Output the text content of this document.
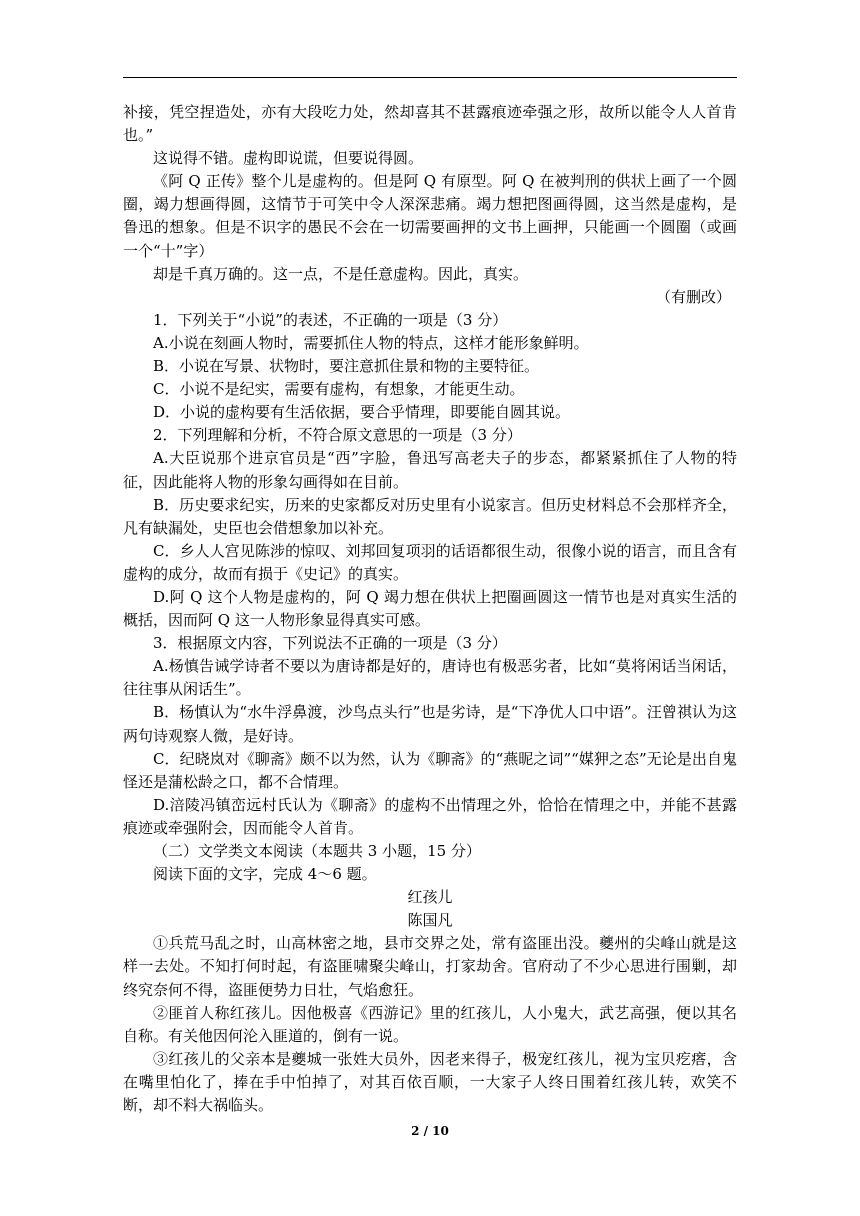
补接，凭空捏造处，亦有大段吃力处，然却喜其不甚露痕迹牵强之形，故所以能令人人首肯也。”

这说得不错。虚构即说谎，但要说得圆。

《阿 Q 正传》整个儿是虚构的。但是阿 Q 有原型。阿 Q 在被判刑的供状上画了一个圆圈，竭力想画得圆，这情节于可笑中令人深深悲痛。竭力想把图画得圆，这当然是虚构，是鲁迅的想象。但是不识字的愚民不会在一切需要画押的文书上画押，只能画一个圆圈（或画一个“十”字）

却是千真万确的。这一点，不是任意虚构。因此，真实。

（有删改）

1．下列关于“小说”的表述，不正确的一项是（3 分）

A.小说在刻画人物时，需要抓住人物的特点，这样才能形象鲜明。

B．小说在写景、状物时，要注意抓住景和物的主要特征。

C．小说不是纪实，需要有虚构，有想象，才能更生动。

D．小说的虚构要有生活依据，要合乎情理，即要能自圆其说。

2．下列理解和分析，不符合原文意思的一项是（3 分）

A.大臣说那个进京官员是“西”字脸，鲁迅写高老夫子的步态，都紧紧抓住了人物的特征，因此能将人物的形象勾画得如在目前。

B．历史要求纪实，历来的史家都反对历史里有小说家言。但历史材料总不会那样齐全，凡有缺漏处，史臣也会借想象加以补充。

C．乡人人宫见陈涉的惊叹、刘邦回复项羽的话语都很生动，很像小说的语言，而且含有虚构的成分，故而有损于《史记》的真实。

D.阿 Q 这个人物是虚构的，阿 Q 竭力想在供状上把圈画圆这一情节也是对真实生活的概括，因而阿 Q 这一人物形象显得真实可感。

3．根据原文内容，下列说法不正确的一项是（3 分）

A.杨慎告诫学诗者不要以为唐诗都是好的，唐诗也有极恶劣者，比如“莫将闲话当闲话，往往事从闲话生”。

B．杨慎认为“水牛浮鼻渡，沙鸟点头行”也是劣诗，是“下净优人口中语”。汪曾祺认为这两句诗观察人微，是好诗。

C．纪晓岚对《聊斋》颇不以为然，认为《聊斋》的“燕昵之词”“媒狎之态”无论是出自鬼怪还是蒲松龄之口，都不合情理。

D.涪陵冯镇峦远村氏认为《聊斋》的虚构不出情理之外，恰恰在情理之中，并能不甚露痕迹或牵强附会，因而能令人首肯。

（二）文学类文本阅读（本题共 3 小题，15 分）

阅读下面的文字，完成 4～6 题。

红孩儿

陈国凡

①兵荒马乱之时，山高林密之地，县市交界之处，常有盗匪出没。夔州的尖峰山就是这样一去处。不知打何时起，有盗匪啸聚尖峰山，打家劫舍。官府动了不少心思进行围剿，却终究奈何不得，盗匪便势力日壮，气焰愈狂。

②匪首人称红孩儿。因他极喜《西游记》里的红孩儿，人小鬼大，武艺高强，便以其名自称。有关他因何沦入匪道的，倒有一说。

③红孩儿的父亲本是夔城一张姓大员外，因老来得子，极宠红孩儿，视为宝贝疙瘩，含在嘴里怕化了，捧在手中怕掉了，对其百依百顺，一大家子人终日围着红孩儿转，欢笑不断，却不料大祸临头。

2 / 10
